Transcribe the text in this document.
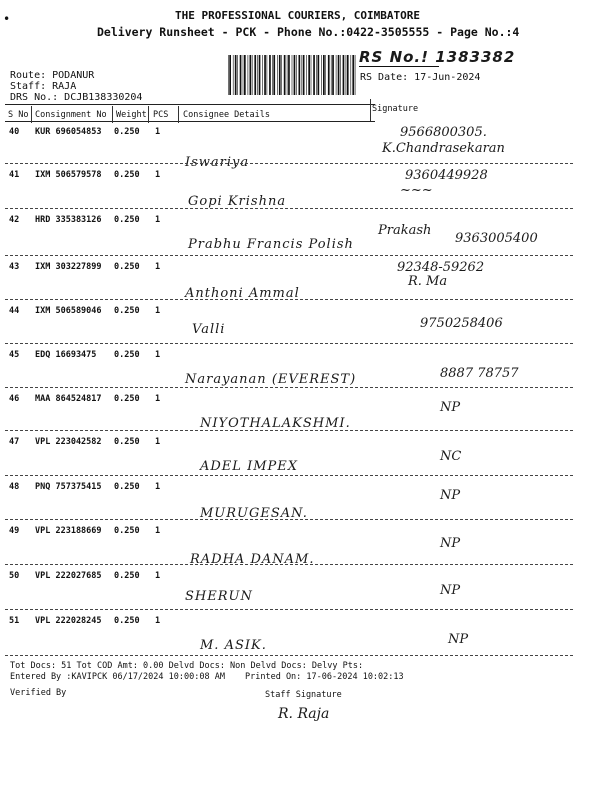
•	THE PROFESSIONAL COURIERS, COIMBATORE
Delivery Runsheet - PCK - Phone No.:0422-3505555 - Page No.:4
RS No.! 1383382
RS Date: 17-Jun-2024
Route: PODANUR
Staff: RAJA
DRS No.: DCJB138330204
S No Consignment No Weight PCS Consignee Details
Signature
40 KUR 696054853 0.250 1
Iswariya
9566800305.
K.Chandrasekaran
41 IXM 506579578 0.250 1
Gopi Krishna
9360449928
~~~
42 HRD 335383126 0.250 1
Prabhu Francis Polish
Prakash
9363005400
43 IXM 303227899 0.250 1
Anthoni Ammal
92348-59262
R. Ma
44 IXM 506589046 0.250 1
Valli	9750258406
45 EDQ 16693475 0.250 1
Narayanan (EVEREST)	8887 78757
46 MAA 864524817 0.250 1
NIYOTHALAKSHMI.
NP
47 VPL 223042582 0.250 1
ADEL IMPEX
NC
48 PNQ 757375415 0.250 1
MURUGESAN.
NP
49 VPL 223188669 0.250 1
RADHA DANAM.
NP
50 VPL 222027685 0.250 1
SHERUN	NP
51 VPL 222028245 0.250 1
M. ASIK.	NP
Tot Docs: 51 Tot COD Amt: 0.00 Delvd Docs: Non Delvd Docs: Delvy Pts:
Entered By :KAVIPCK 06/17/2024 10:00:08 AM Printed On: 17-06-2024 10:02:13
Verified By	Staff Signature
R. Raja
